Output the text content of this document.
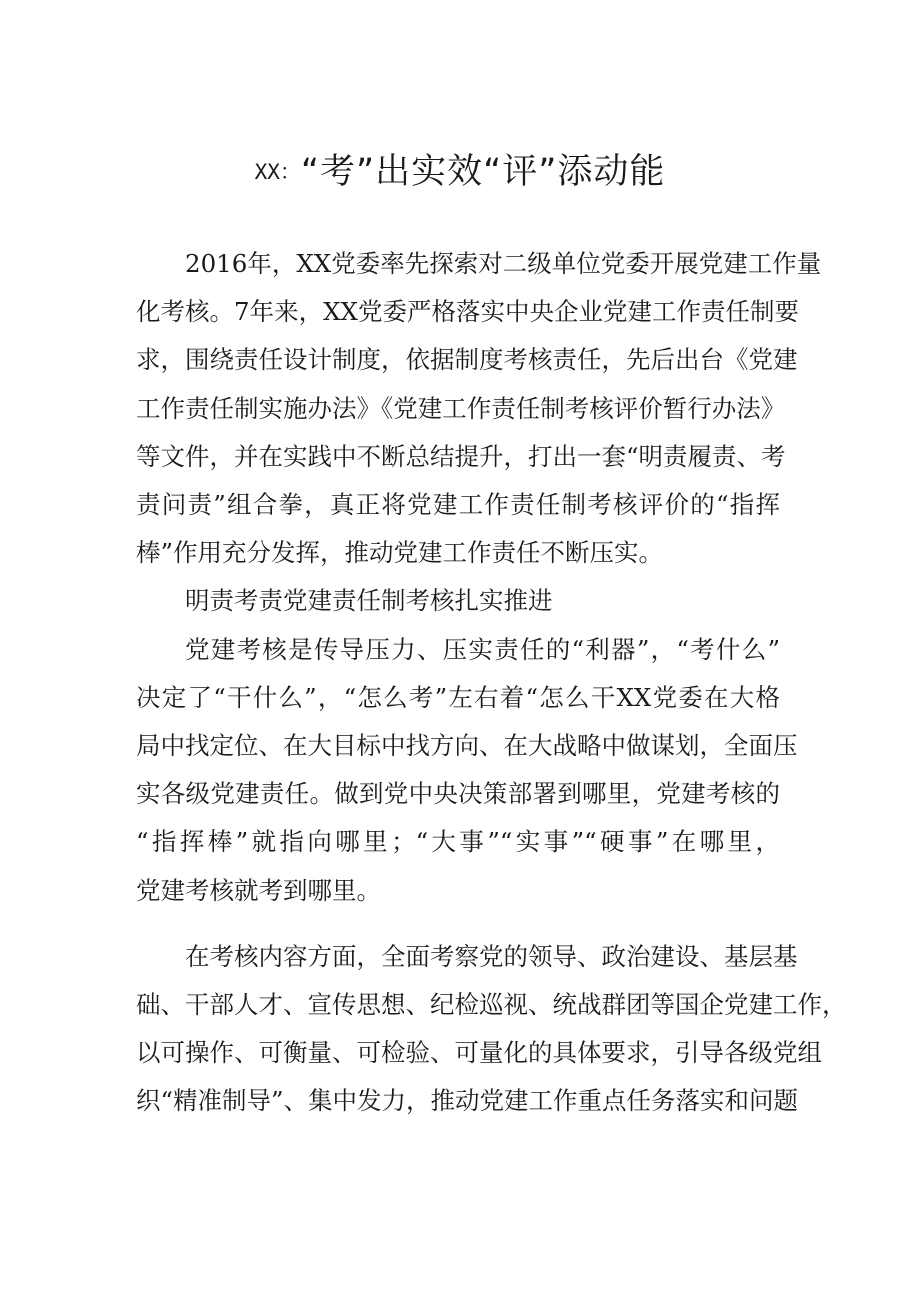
XX：“考”出实效“评”添动能
2016年，XX党委率先探索对二级单位党委开展党建工作量
化考核。7年来，XX党委严格落实中央企业党建工作责任制要
求，围绕责任设计制度，依据制度考核责任，先后出台《党建
工作责任制实施办法》《党建工作责任制考核评价暂行办法》
等文件，并在实践中不断总结提升，打出一套“明责履责、考
责问责”组合拳，真正将党建工作责任制考核评价的“指挥
棒”作用充分发挥，推动党建工作责任不断压实。
明责考责党建责任制考核扎实推进
党建考核是传导压力、压实责任的“利器”，“考什么”
决定了“干什么”，“怎么考”左右着“怎么干XX党委在大格
局中找定位、在大目标中找方向、在大战略中做谋划，全面压
实各级党建责任。做到党中央决策部署到哪里，党建考核的
“指挥棒”就指向哪里；“大事”“实事”“硬事”在哪里，
党建考核就考到哪里。
在考核内容方面，全面考察党的领导、政治建设、基层基
础、干部人才、宣传思想、纪检巡视、统战群团等国企党建工作，
以可操作、可衡量、可检验、可量化的具体要求，引导各级党组
织“精准制导”、集中发力，推动党建工作重点任务落实和问题
